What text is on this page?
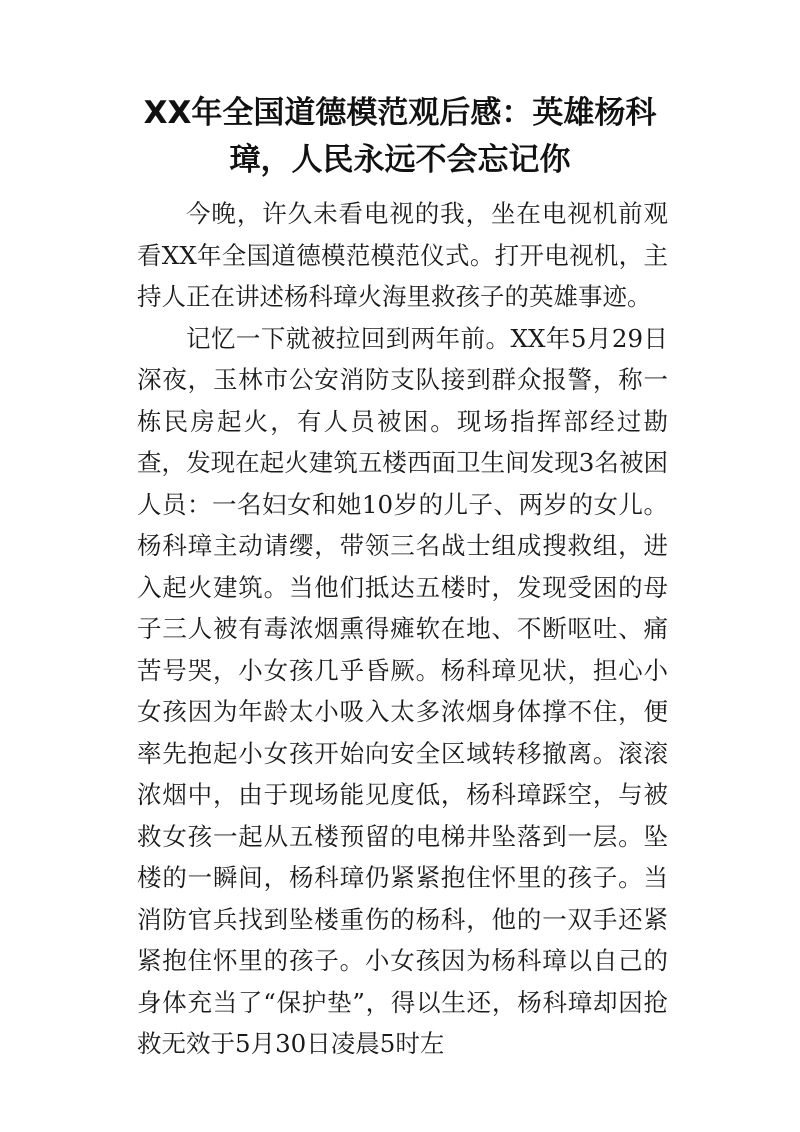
XX年全国道德模范观后感：英雄杨科璋，人民永远不会忘记你

今晚，许久未看电视的我，坐在电视机前观看XX年全国道德模范模范仪式。打开电视机，主持人正在讲述杨科璋火海里救孩子的英雄事迹。

记忆一下就被拉回到两年前。XX年5月29日深夜，玉林市公安消防支队接到群众报警，称一栋民房起火，有人员被困。现场指挥部经过勘查，发现在起火建筑五楼西面卫生间发现3名被困人员：一名妇女和她10岁的儿子、两岁的女儿。杨科璋主动请缨，带领三名战士组成搜救组，进入起火建筑。当他们抵达五楼时，发现受困的母子三人被有毒浓烟熏得瘫软在地、不断呕吐、痛苦号哭，小女孩几乎昏厥。杨科璋见状，担心小女孩因为年龄太小吸入太多浓烟身体撑不住，便率先抱起小女孩开始向安全区域转移撤离。滚滚浓烟中，由于现场能见度低，杨科璋踩空，与被救女孩一起从五楼预留的电梯井坠落到一层。坠楼的一瞬间，杨科璋仍紧紧抱住怀里的孩子。当消防官兵找到坠楼重伤的杨科，他的一双手还紧紧抱住怀里的孩子。小女孩因为杨科璋以自己的身体充当了“保护垫”，得以生还，杨科璋却因抢救无效于5月30日凌晨5时左
